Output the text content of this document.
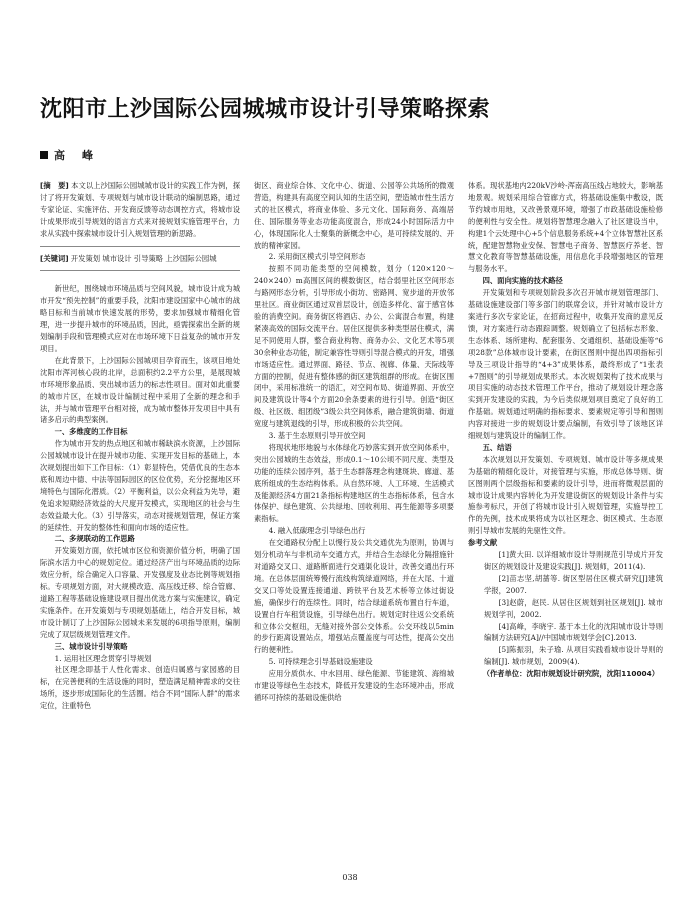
沈阳市上沙国际公园城城市设计引导策略探索
高　峰

[摘　要] 本文以上沙国际公园城城市设计的实践工作为例，探讨了将开发策划、专项规划与城市设计联动的编制思路，通过专家论证、实施评估、开发商反馈等动态调控方式，将城市设计成果形成引导规划的语言方式来对接规划实施管理平台，力求从实践中探索城市设计引入规划管理的新思路。

[关键词] 开发策划 城市设计 引导策略 上沙国际公园城

新世纪，围绕城市环境品质与空间风貌，城市设计成为城市开发“预先控制”的重要手段，沈阳市建设国家中心城市的战略目标和当前城市快速发展的形势，要求加强城市精细化管理，进一步提升城市的环境品质，因此，亟需探索出全新的规划编制手段和管理模式应对在市场环境下日益复杂的城市开发项目。

在此背景下，上沙国际公园城项目孕育而生，该项目地处沈阳市浑河核心段的北岸，总面积约2.2平方公里，是展现城市环境形象品质、突出城市活力的标志性项目。面对如此重要的城市片区，在城市设计编制过程中采用了全新的理念和手法，并与城市管理平台相对接，成为城市整体开发项目中具有诸多启示的典型案例。

一、多维度的工作目标

作为城市开发的热点地区和城市稀缺滨水资源，上沙国际公园城城市设计在提升城市功能、实现开发目标的基础上，本次规划提出如下工作目标：（1）彰显特色，凭借优良的生态本底和周边中德、中法等国际园区的区位优势，充分挖掘地区环境特色与国际化潜质。（2）平衡利益，以公众利益为先导，避免追求短期经济效益的大尺度开发模式，实现地区的社会与生态效益最大化。（3）引导落实，动态对接规划管理，保证方案的延续性、开发的整体性和面向市场的适应性。

二、多规联动的工作思路

开发策划方面，依托城市区位和资源价值分析，明确了国际滨水活力中心的规划定位。通过经济产出与环境品质的边际效应分析，综合确定入口容量、开发强度及业态比例等规划指标。专项规划方面，对大规模改造、高压线迁移、综合管廊、道路工程等基础设施建设项目提出优选方案与实施建议，确定实施条件。在开发策划与专项规划基础上，结合开发目标，城市设计制订了上沙国际公园城未来发展的6项指导原则，编制完成了双层级规划管理文件。

三、城市设计引导策略

1. 运用社区理念贯穿引导规划

社区理念即基于人性化需求、创造归属感与家园感的目标，在完善便利的生活设施的同时，塑造满足精神需求的交往场所，逐步形成国际化的生活圈。结合不同“国际人群”的需求定位，注重特色

街区、商业综合体、文化中心、街道、公园等公共场所的微观营造，构建具有高度空间认知的生活空间，塑造城市性生活方式的社区模式，将商业体验、多元文化、国际商务、高端居住、国际服务等业态功能高度混合，形成24小时国际活力中心，体现国际化人士聚集的新概念中心，是可持续发展的、开放的精神家园。

2. 采用街区模式引导空间形态

按照不同功能类型的空间模数，划分（120×120～240×240）m高围区间的模数街区，结合弱里社区空间形态与路网形态分析，引导形成小街坊、密路网、宽步道的开放邻里社区。商业街区通过双首层设计，创造多样化、富于感官体验的消费空间。商务街区将酒店、办公、公寓混合布置，构建紧凑高效的国际交流平台。居住区提供多种类型居住模式，满足不同使用人群，整合商业构物、商务办公、文化艺术等5项30余种业态功能，制定兼容性导则引导混合模式的开发，增强市场适应性。通过界面、路径、节点、视廊、体量、天际线等方面的控制，促进有整体感的街区建筑组群的形成。在街区围闭中，采用标准统一的语汇，对空间布局、街道界面、开放空间及建筑设计等4个方面20余条要素的进行引导。创造“街区级、社区级、组团级”3级公共空间体系，融合建筑街墙、街道宽度与建筑退线的引导，形成积极的公共空间。

3. 基于生态原则引导开放空间

将现状地形地貌与水体绿化巧妙落实到开放空间体系中，突出公园城的生态效益，形成0.1～10公顷不同尺度、类型及功能的连续公园序列，基于生态群落理念构建斑块、廊道、基底所组成的生态结构体系。从自然环境、人工环境、生活模式及能源经济4方面21条指标构建地区的生态指标体系，包含水体保护、绿色建筑、公共绿地、回收利用、再生能源等多项要素指标。

4. 融入低碳理念引导绿色出行

在交通路权分配上以慢行及公共交通优先为原则，协调与划分机动车与非机动车交通方式，并结合生态绿化分隔措施针对道路交叉口、道路断面进行交通渠化设计，改善交通出行环境。在总体层面统筹慢行流线构筑绿道网络，并在大尾、十道交叉口等处设置连接通道、跨铁平台及艺术桥等立体过街设施，确保步行的连续性。同时，结合绿道系统布置自行车道，设置自行车租赁设施，引导绿色出行。规划定时往返公交系统和立体公交枢纽，无缝对接外部公交体系。公交环线以5min的步行距离设置站点，增强站点覆盖度与可达性，提高公交出行的便利性。

5. 可持续理念引导基础设施建设

应用分质供水、中水回用、绿色能源、节能建筑、海绵城市建设等绿色生态技术，降低开发建设的生态环境冲击，形成循环可持续的基础设施供给

体系。现状基地内220kV沙岭-浑南高压线占地较大，影响基地景观。规划采用综合管廊方式，将基础设施集中敷设，既节约城市用地，又改善景观环境，增强了市政基础设施检修的便利性与安全性。规划将智慧理念融入了社区建设当中，构建1个云处理中心+5个信息服务系统+4个立体智慧社区系统，配建智慧物业安保、智慧电子商务、智慧医疗养老、智慧文化教育等智慧基础设施，用信息化手段增强地区的管理与服务水平。

四、面向实施的技术路径

开发策划和专项规划阶段多次召开城市规划管理部门、基础设施建设部门等多部门的联席会议，并针对城市设计方案进行多次专家论证，在招商过程中，收集开发商的意见反馈，对方案进行动态跟踪调整。规划确立了包括标志形象、生态体系、场所建构、配套服务、交通组织、基础设施等“6项28款”总体城市设计要素，在街区图则中提出四项指标引导及三项设计指导的“4+3”成果体系，最终形成了“1张表+7图则”的引导规划成果形式。本次规划架构了技术成果与项目实施的动态技术管理工作平台，推动了规划设计理念落实到开发建设的实践，为今后类似规划项目奠定了良好的工作基础。规划通过明确的指标要求、要素规定等引导和图则内容对接进一步的规划设计要点编制，有效引导了该地区详细规划与建筑设计的编制工作。

五、结语

本次规划以开发策划、专项规划、城市设计等多规成果为基础的精细化设计，对接管理与实施，形成总体导则、街区图则两个层级指标和要素的设计引导，进而将微观层面的城市设计成果内容转化为开发建设街区的规划设计条件与实施参考标尺，开创了将城市设计引入规划管理，实施导控工作的先例，技术成果将成为以社区理念、街区模式、生态原则引导城市发展的先驱性文件。

参考文献

[1]黄大田. 以详细城市设计导则规范引导成片开发街区的规划设计及建设实践[J]. 规划师，2011(4).

[2]苗志坚,胡蔷等. 街区型居住区模式研究[J]建筑学报，2007.

[3]赵蔚，赵民. 从居住区规划到社区规划[J]. 城市规划学刊，2002.

[4]高峰，李晓宇. 基于本土化的沈阳城市设计导则编制方法研究[A]//中国城市规划学会[C].2013.

[5]陈振羽，朱子瑜. 从项目实践看城市设计导则的编制[J]. 城市规划，2009(4).

（作者单位：沈阳市规划设计研究院，沈阳110004）

038
